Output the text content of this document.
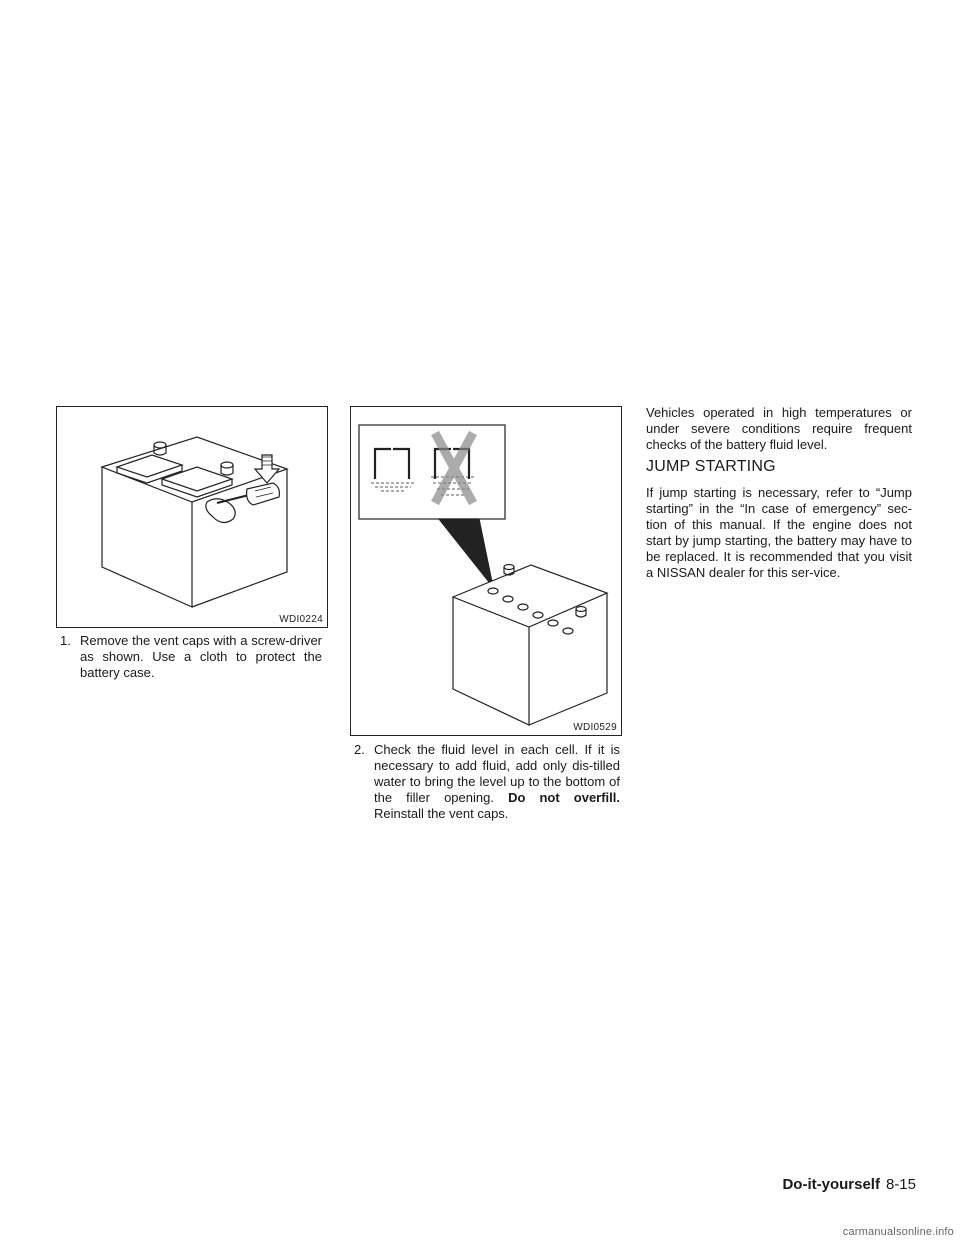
WDI0224
1. Remove the vent caps with a screw-driver as shown. Use a cloth to protect the battery case.
WDI0529
2. Check the fluid level in each cell. If it is necessary to add fluid, add only dis-tilled water to bring the level up to the bottom of the filler opening. Do not overfill. Reinstall the vent caps.
Vehicles operated in high temperatures or under severe conditions require frequent checks of the battery fluid level.
JUMP STARTING
If jump starting is necessary, refer to “Jump starting” in the “In case of emergency” sec-tion of this manual. If the engine does not start by jump starting, the battery may have to be replaced. It is recommended that you visit a NISSAN dealer for this ser-vice.
Do-it-yourself 8-15
carmanualsonline.info
